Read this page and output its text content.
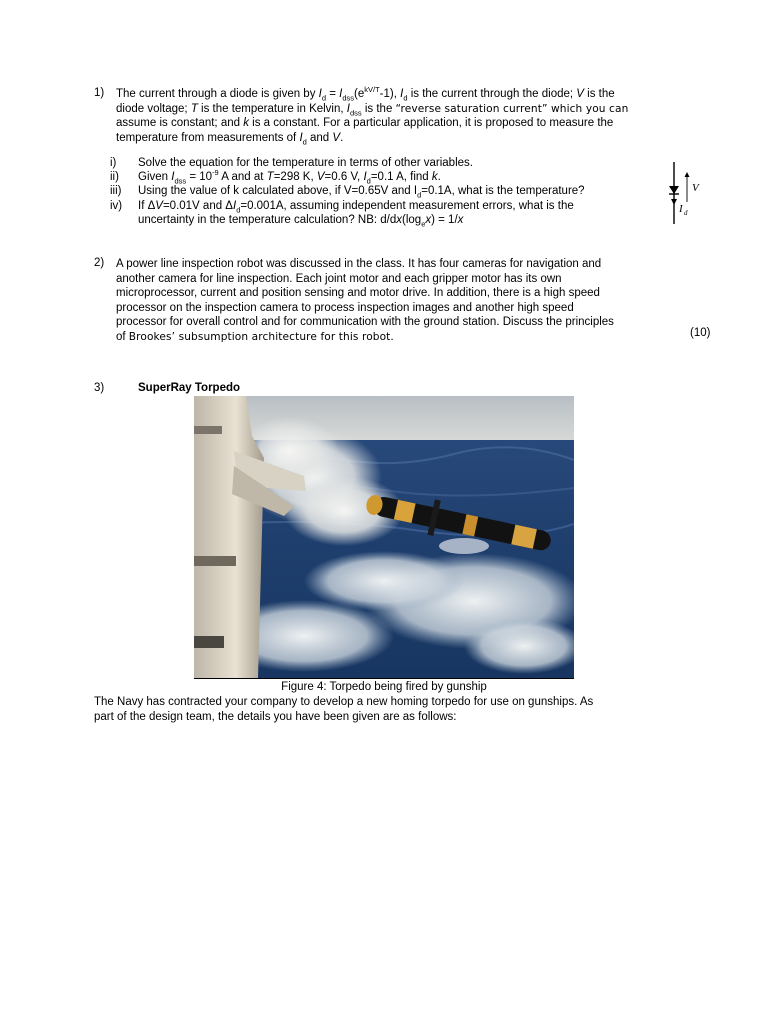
1) The current through a diode is given by $I_d = I_{dss}(e^{kV/T}-1)$, $I_d$ is the current through the diode; V is the
diode voltage; T is the temperature in Kelvin, $I_{dss}$ is the “reverse saturation current” which you can
assume is constant; and k is a constant. For a particular application, it is proposed to measure the
temperature from measurements of $I_d$ and V.
i)	Solve the equation for the temperature in terms of other variables.
ii)	Given $I_{dss} = 10^{-9}$ A and at T=298 K, V=0.6 V, $I_d=0.1$ A, find k.
iii)	Using the value of k calculated above, if V=0.65V and $I_d=0.1A$, what is the temperature?
iv)	If ΔV=0.01V and $\Delta I_d=0.001A$, assuming independent measurement errors, what is the
uncertainty in the temperature calculation? NB: $d/dx(\log_ex) = 1/x$
V
I d
2) A power line inspection robot was discussed in the class. It has four cameras for navigation and
another camera for line inspection. Each joint motor and each gripper motor has its own
microprocessor, current and position sensing and motor drive. In addition, there is a high speed
processor on the inspection camera to process inspection images and another high speed
processor for overall control and for communication with the ground station. Discuss the principles
of Brookes’ subsumption architecture for this robot.	(10)
3)	SuperRay Torpedo
Figure 4: Torpedo being fired by gunship
The Navy has contracted your company to develop a new homing torpedo for use on gunships. As
part of the design team, the details you have been given are as follows:
